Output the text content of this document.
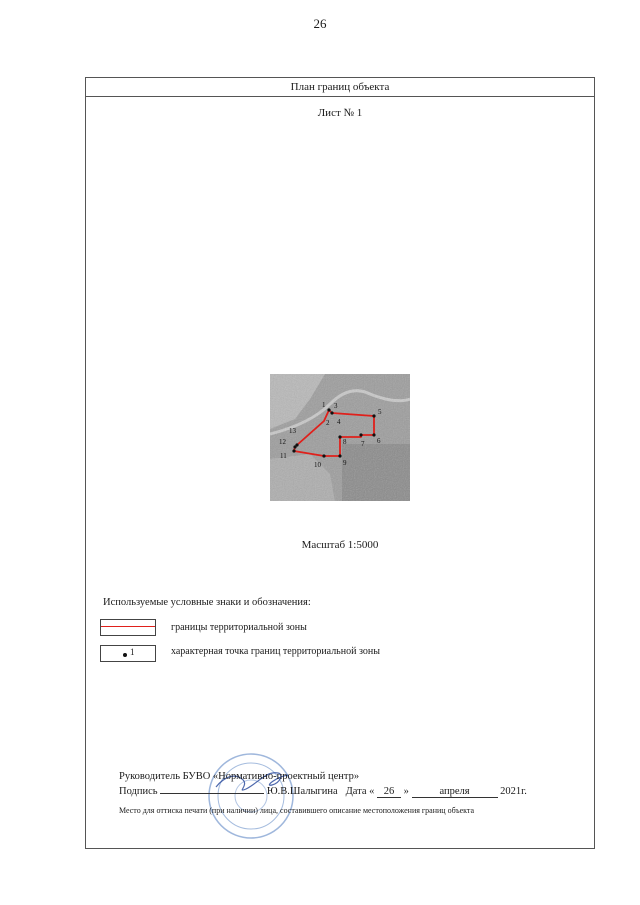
26
План границ объекта
Лист № 1
1
2
3
4
5
6
7
8
9
10
11
12
13
Масштаб 1:5000
Используемые условные знаки и обозначения:
границы территориальной зоны
1	характерная точка границ территориальной зоны
Руководитель БУВО «Нормативно-проектный центр»
Подпись	Ю.В.Шалыгина Дата « 26 »	апреля	2021г.
Место для оттиска печати (при наличии) лица, составившего описание местоположения границ объекта
